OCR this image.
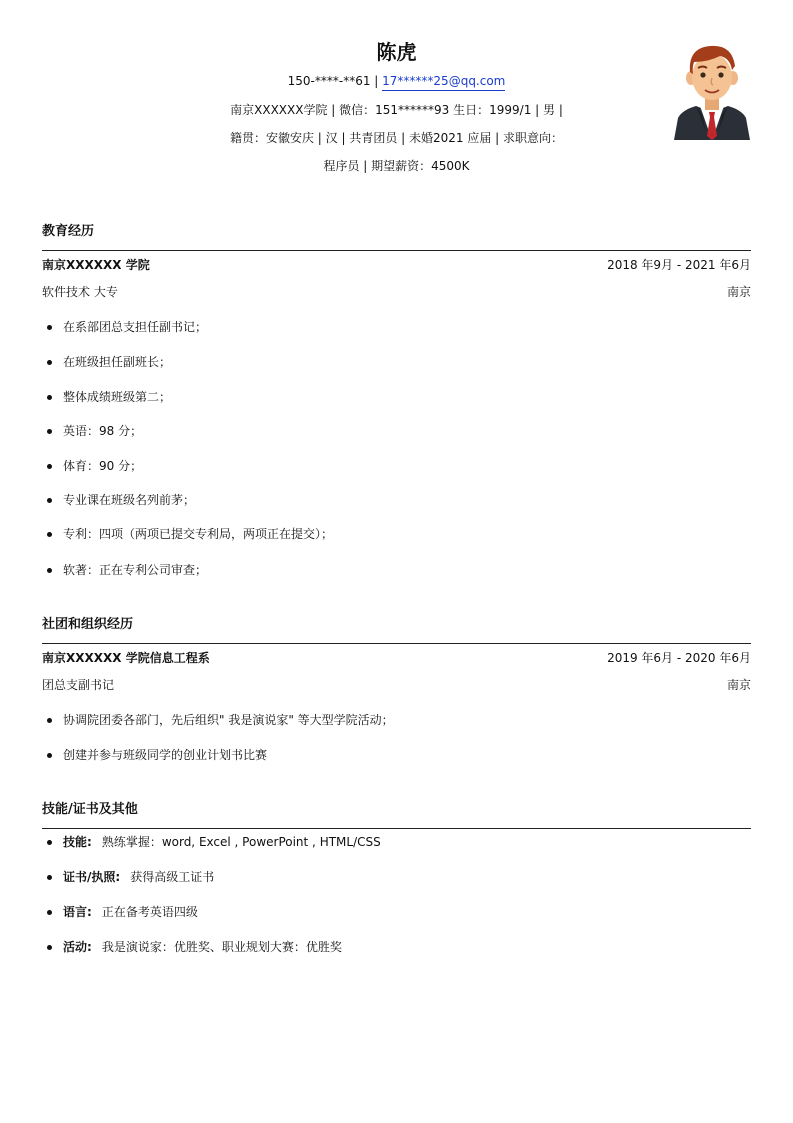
陈虎
150-****-**61 | 17******25@qq.com
南京XXXXXX学院 | 微信：151******93 生日：1999/1 | 男 |
籍贯：安徽安庆 | 汉 | 共青团员 | 未婚2021 应届 | 求职意向：
程序员 | 期望薪资：4500K
教育经历
南京XXXXXX 学院	2018 年9月 - 2021 年6月
软件技术 大专	南京
在系部团总支担任副书记；
在班级担任副班长；
整体成绩班级第二；
英语：98 分；
体育：90 分；
专业课在班级名列前茅；
专利：四项（两项已提交专利局，两项正在提交）；
软著：正在专利公司审查；
社团和组织经历
南京XXXXXX 学院信息工程系	2019 年6月 - 2020 年6月
团总支副书记	南京
协调院团委各部门，先后组织" 我是演说家" 等大型学院活动；
创建并参与班级同学的创业计划书比赛
技能/证书及其他
技能: 熟练掌握：word, Excel , PowerPoint , HTML/CSS
证书/执照: 获得高级工证书
语言: 正在备考英语四级
活动: 我是演说家：优胜奖、职业规划大赛：优胜奖
